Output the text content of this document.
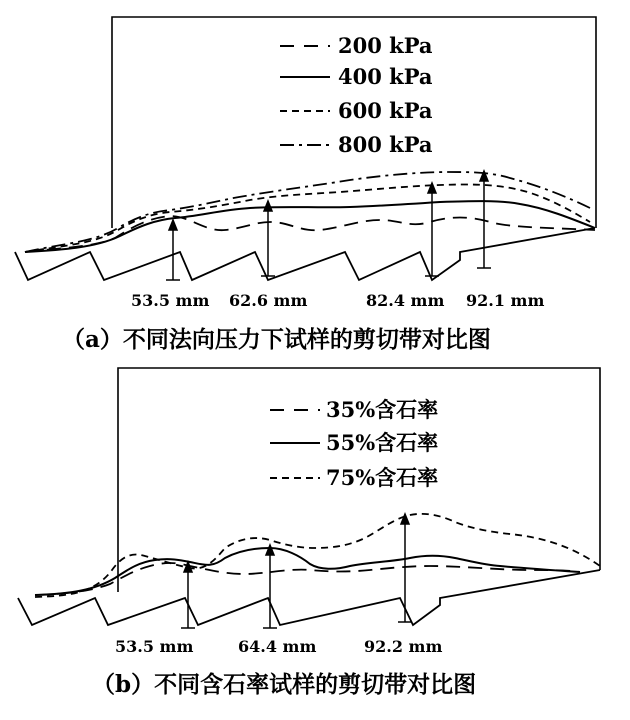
200 kPa
400 kPa
600 kPa
800 kPa
53.5 mm 62.6 mm	82.4 mm 92.1 mm
（a）不同法向压力下试样的剪切带对比图
35%含石率
55%含石率
75%含石率
53.5 mm	64.4 mm	92.2 mm
（b）不同含石率试样的剪切带对比图
